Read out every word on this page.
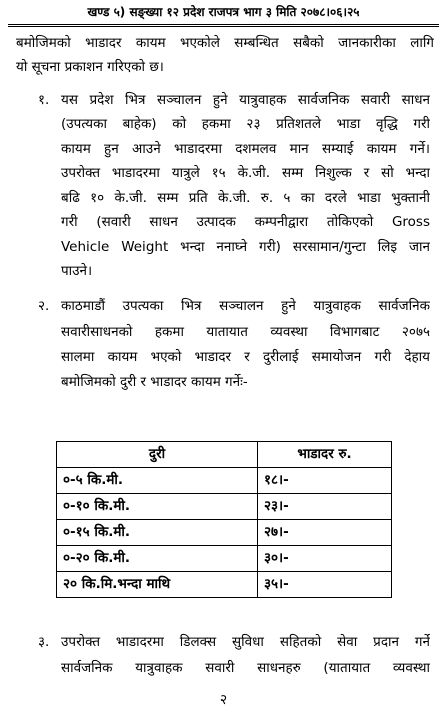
खण्ड ५) सङ्ख्या १२ प्रदेश राजपत्र भाग ३ मिति २०७८।०६।२५
बमोजिमको भाडादर कायम भएकोले सम्बन्धित सबैको जानकारीका लागि
यो सूचना प्रकाशन गरिएको छ।
१. यस प्रदेश भित्र सञ्चालन हुने यात्रुवाहक सार्वजनिक सवारी साधन
(उपत्यका बाहेक) को हकमा २३ प्रतिशतले भाडा वृद्धि गरी
कायम हुन आउने भाडादरमा दशमलव मान सम्याई कायम गर्ने।
उपरोक्त भाडादरमा यात्रुले १५ के.जी. सम्म निशुल्क र सो भन्दा
बढि १० के.जी. सम्म प्रति के.जी. रु. ५ का दरले भाडा भुक्तानी
गरी (सवारी साधन उत्पादक कम्पनीद्वारा तोकिएको Gross
Vehicle Weight भन्दा ननाघ्ने गरी) सरसामान/गुन्टा लिइ जान
पाउने।
२. काठमाडौं उपत्यका भित्र सञ्चालन हुने यात्रुवाहक सार्वजनिक
सवारीसाधनको हकमा यातायात व्यवस्था विभागबाट २०७५
सालमा कायम भएको भाडादर र दुरीलाई समायोजन गरी देहाय
बमोजिमको दुरी र भाडादर कायम गर्नेः-
दुरी	भाडादर रु.
०-५ कि.मी.	१८।-
०-१० कि.मी.	२३।-
०-१५ कि.मी.	२७।-
०-२० कि.मी.	३०।-
२० कि.मि.भन्दा माथि	३५।-
३. उपरोक्त भाडादरमा डिलक्स सुविधा सहितको सेवा प्रदान गर्ने
सार्वजनिक यात्रुवाहक सवारी साधनहरु (यातायात व्यवस्था
२
